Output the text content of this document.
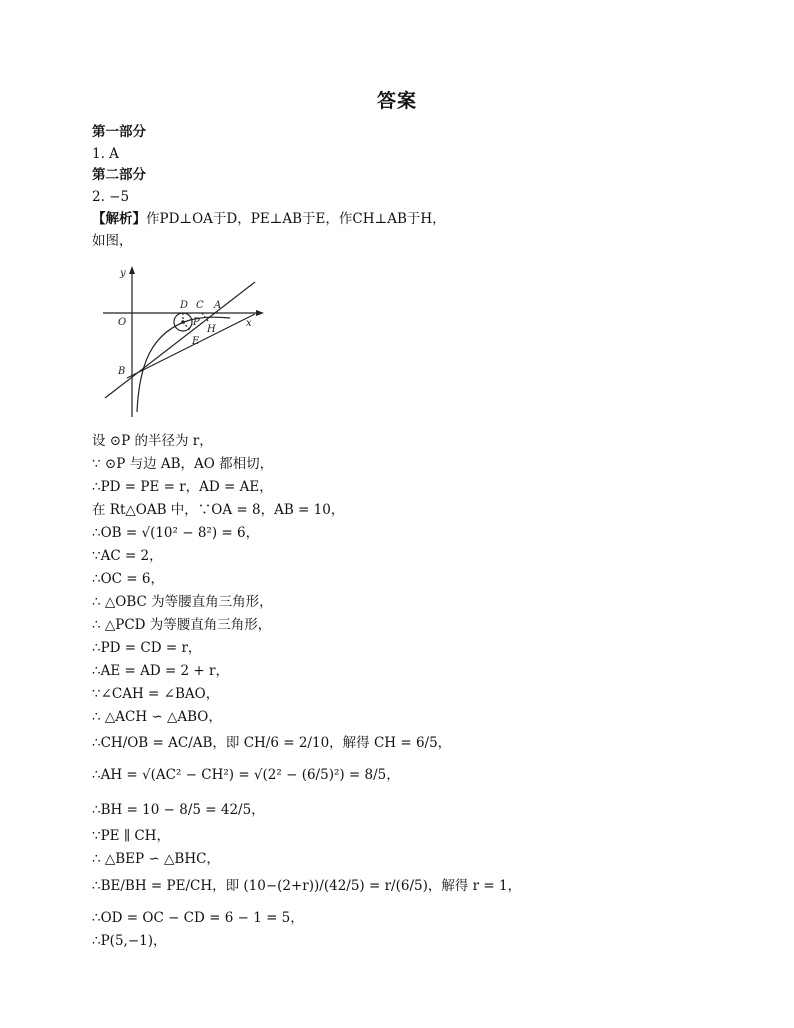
答案
第一部分
1. A
第二部分
2. −5
【解析】作PD⊥OA于D，PE⊥AB于E，作CH⊥AB于H，
如图，
y
x
O
D C A
P
H
E
B
设 ⊙P 的半径为 r，
∵ ⊙P 与边 AB，AO 都相切，
∴PD = PE = r，AD = AE，
在 Rt△OAB 中，∵OA = 8，AB = 10，
∴OB = √(10² − 8²) = 6，
∵AC = 2，
∴OC = 6，
∴ △OBC 为等腰直角三角形，
∴ △PCD 为等腰直角三角形，
∴PD = CD = r，
∴AE = AD = 2 + r，
∵∠CAH = ∠BAO，
∴ △ACH ∽ △ABO，
∴CH/OB = AC/AB，即 CH/6 = 2/10，解得 CH = 6/5，
∴AH = √(AC² − CH²) = √(2² − (6/5)²) = 8/5，
∴BH = 10 − 8/5 = 42/5，
∵PE ∥ CH，
∴ △BEP ∽ △BHC，
∴BE/BH = PE/CH，即 (10−(2+r))/(42/5) = r/(6/5)，解得 r = 1，
∴OD = OC − CD = 6 − 1 = 5，
∴P(5,−1)，
